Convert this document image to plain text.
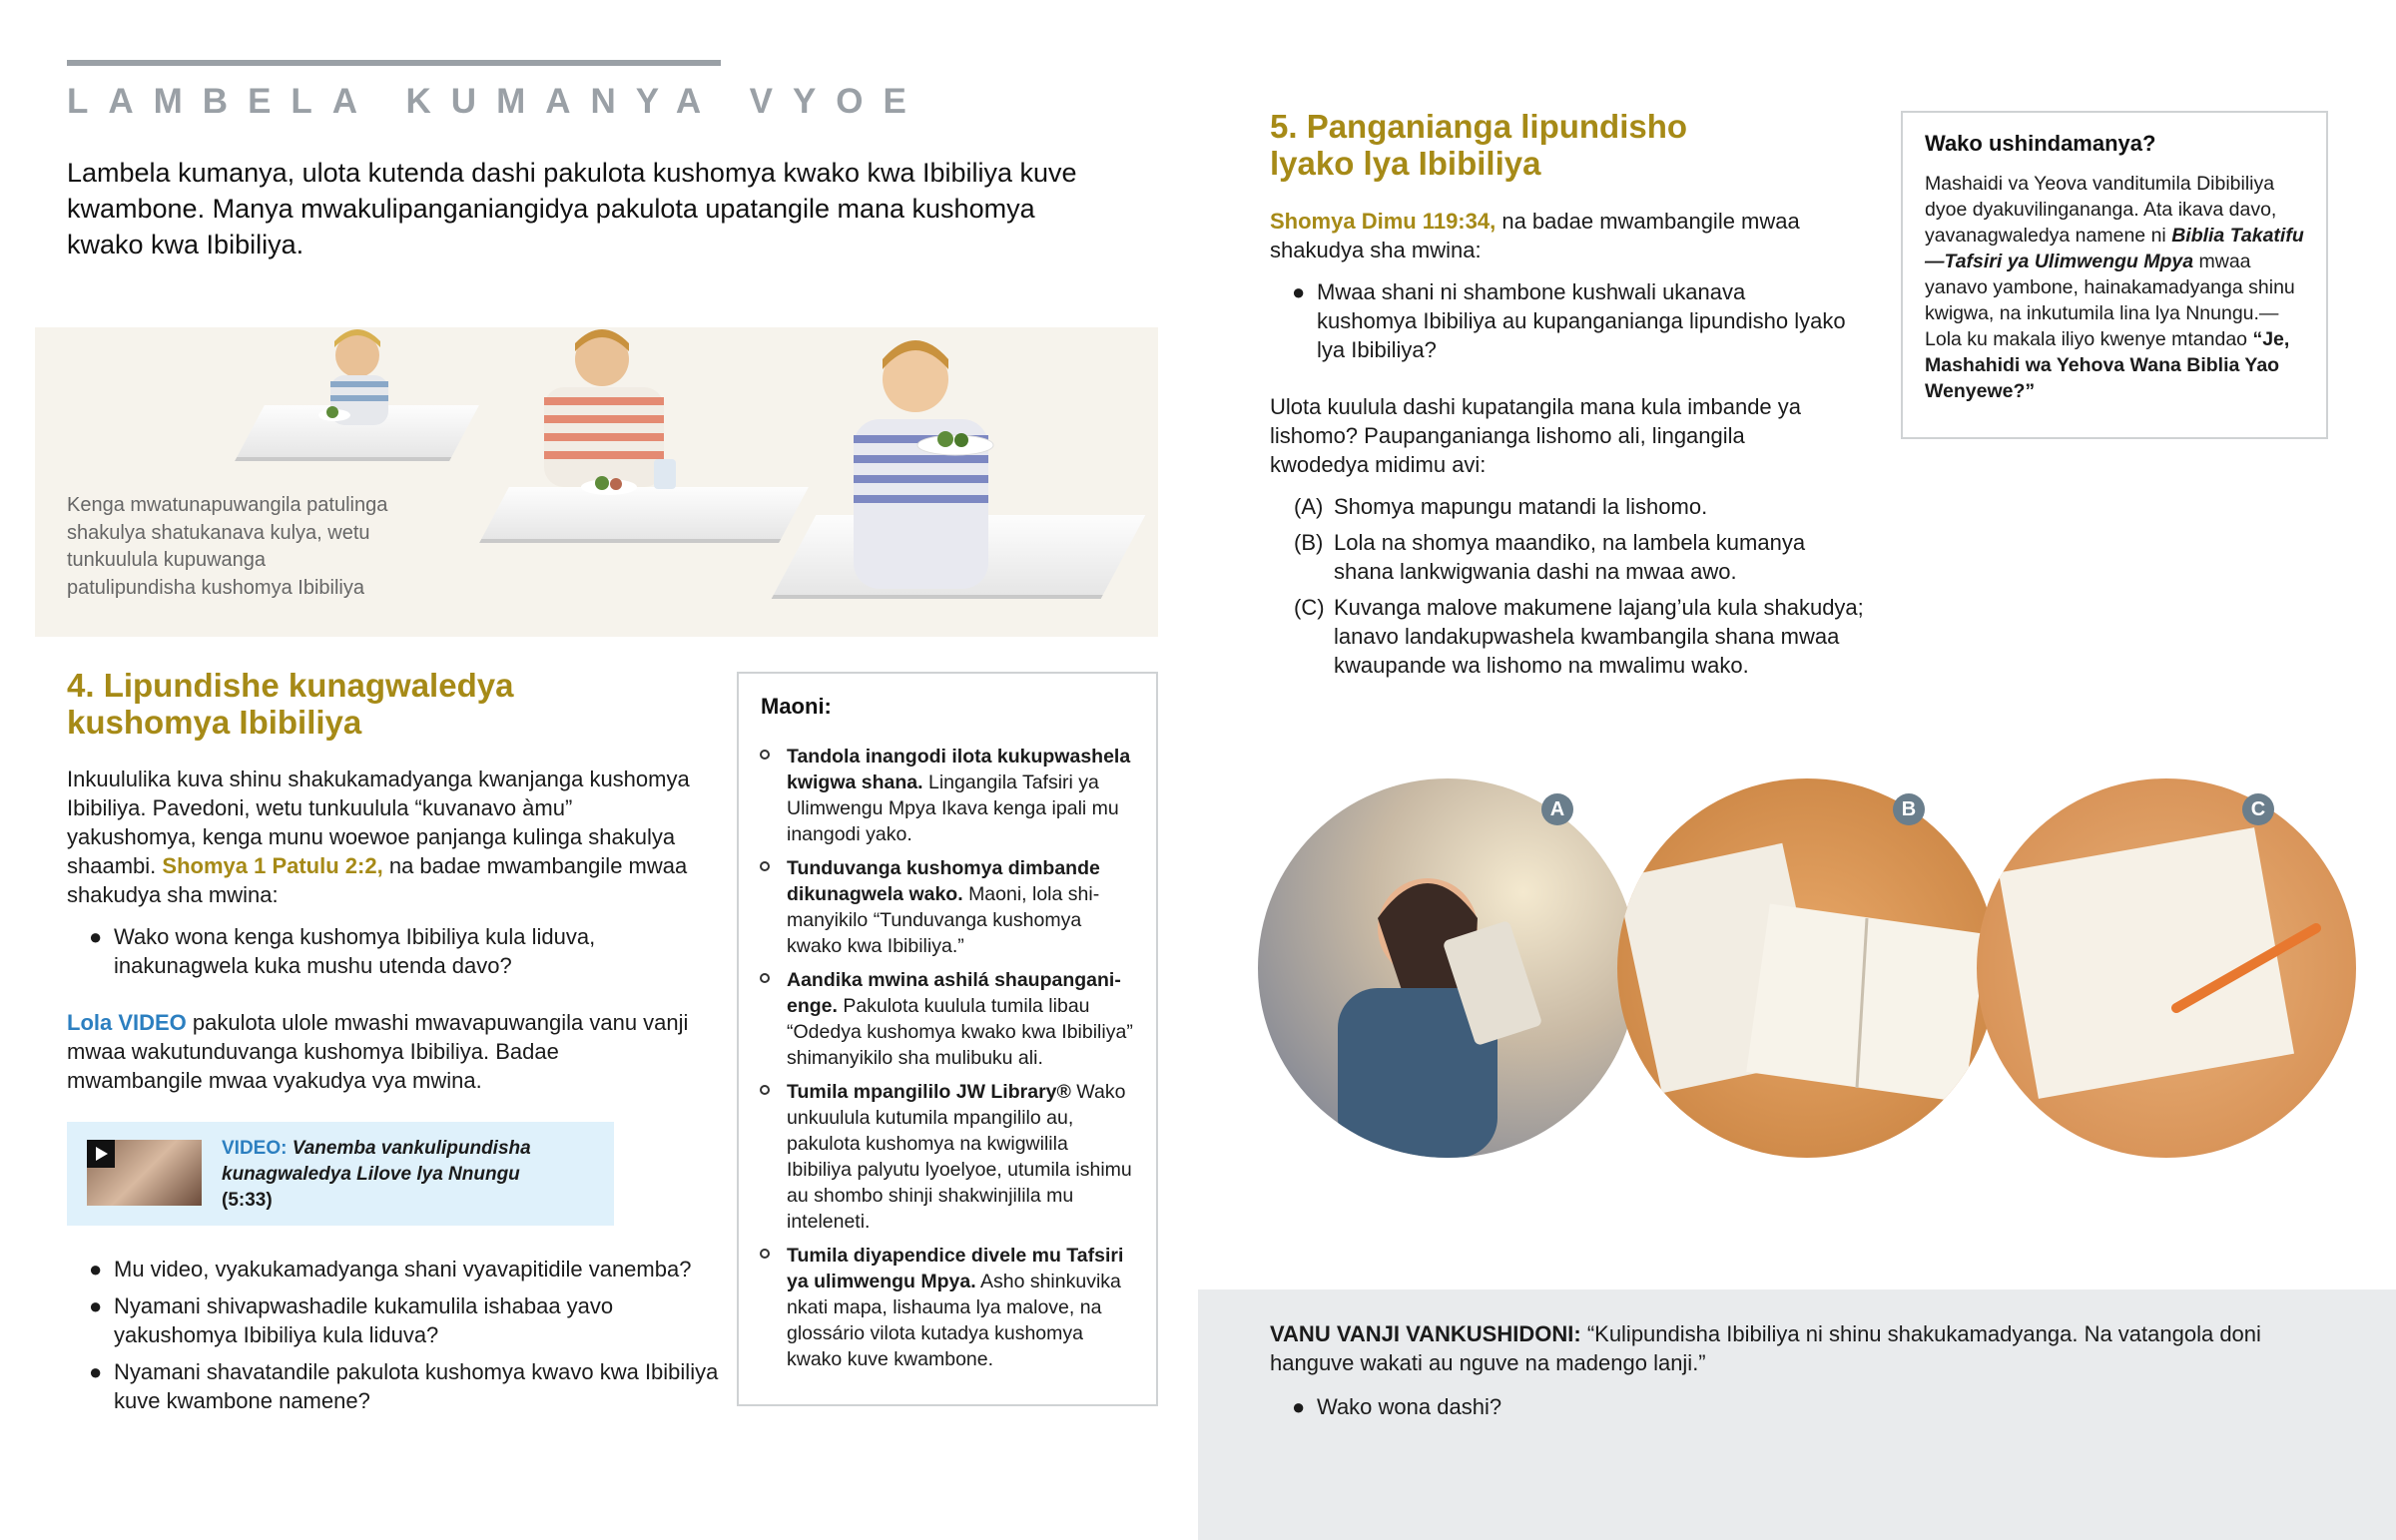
LAMBELA KUMANYA VYOE
Lambela kumanya, ulota kutenda dashi pakulota kushomya kwako kwa Ibibiliya kuve kwambone. Manya mwakulipanganiangidya pakulota upatangile mana kushomya kwako kwa Ibibiliya.
Kenga mwatunapuwangila patulinga shakulya shatukanava kulya, wetu tunkuulula kupuwanga patulipundisha kushomya Ibibiliya
4. Lipundishe kunagwaledya
kushomya Ibibiliya
Inkuululika kuva shinu shakukamadyanga kwanjanga kushomya Ibibiliya. Pavedoni, wetu tunkuulula “kuvanavo àmu” yakushomya, kenga munu woewoe panjanga kulinga shakulya shaambi. Shomya 1 Patulu 2:2, na badae mwambangile mwaa shakudya sha mwina:
● Wako wona kenga kushomya Ibibiliya kula liduva, inakunagwela kuka mushu utenda davo?
Lola VIDEO pakulota ulole mwashi mwavapuwangila vanu vanji mwaa wakutunduvanga kushomya Ibibiliya. Badae mwambangile mwaa vyakudya vya mwina.
VIDEO: Vanemba vankulipundisha kunagwaledya Lilove lya Nnungu
(5:33)
● Mu video, vyakukamadyanga shani vyavapitidile vanemba?
● Nyamani shivapwashadile kukamulila ishabaa yavo yakushomya Ibibiliya kula liduva?
● Nyamani shavatandile pakulota kushomya kwavo kwa Ibibiliya kuve kwambone namene?
Maoni:
Tandola inangodi ilota kukupwashela kwigwa shana. Lingangila Tafsiri ya Ulimwengu Mpya Ikava kenga ipali mu inangodi yako.
Tunduvanga kushomya dimbande dikunagwela wako. Maoni, lola shimanyikilo “Tunduvanga kushomya kwako kwa Ibibiliya.”
Aandika mwina ashilá shaupanganienge. Pakulota kuulula tumila libau “Odedya kushomya kwako kwa Ibibiliya” shimanyikilo sha mulibuku ali.
Tumila mpangililo JW Library® Wako unkuulula kutumila mpangililo au, pakulota kushomya na kwigwilila Ibibiliya palyutu lyoelyoe, utumila ishimu au shombo shinji shakwinjilila mu inteleneti.
Tumila diyapendice divele mu Tafsiri ya ulimwengu Mpya. Asho shinkuvika nkati mapa, lishauma lya malove, na glossário vilota kutadya kushomya kwako kuve kwambone.
5. Panganianga lipundisho
lyako lya Ibibiliya
Shomya Dimu 119:34, na badae mwambangile mwaa shakudya sha mwina:
● Mwaa shani ni shambone kushwali ukanava kushomya Ibibiliya au kupanganianga lipundisho lyako lya Ibibiliya?
Ulota kuulula dashi kupatangila mana kula imbande ya lishomo? Paupanganianga lishomo ali, lingangila kwodedya midimu avi:
(A) Shomya mapungu matandi la lishomo.
(B) Lola na shomya maandiko, na lambela kumanya shana lankwigwania dashi na mwaa awo.
(C) Kuvanga malove makumene lajang’ula kula shakudya; lanavo landakupwashela kwambangila shana mwaa kwaupande wa lishomo na mwalimu wako.
Wako ushindamanya?
Mashaidi va Yeova vanditumila Dibibiliya dyoe dyakuvilingananga. Ata ikava davo, yavanagwaledya namene ni Biblia Takatifu—Tafsiri ya Ulimwengu Mpya mwaa yanavo yambone, hainakamadyanga shinu kwigwa, na inkutumila lina lya Nnungu.—Lola ku makala iliyo kwenye mtandao “Je, Mashahidi wa Yehova Wana Biblia Yao Wenyewe?”
A	B	C
VANU VANJI VANKUSHIDONI: “Kulipundisha Ibibiliya ni shinu shakukamadyanga. Na vatangola doni hanguve wakati au nguve na madengo lanji.”
● Wako wona dashi?
